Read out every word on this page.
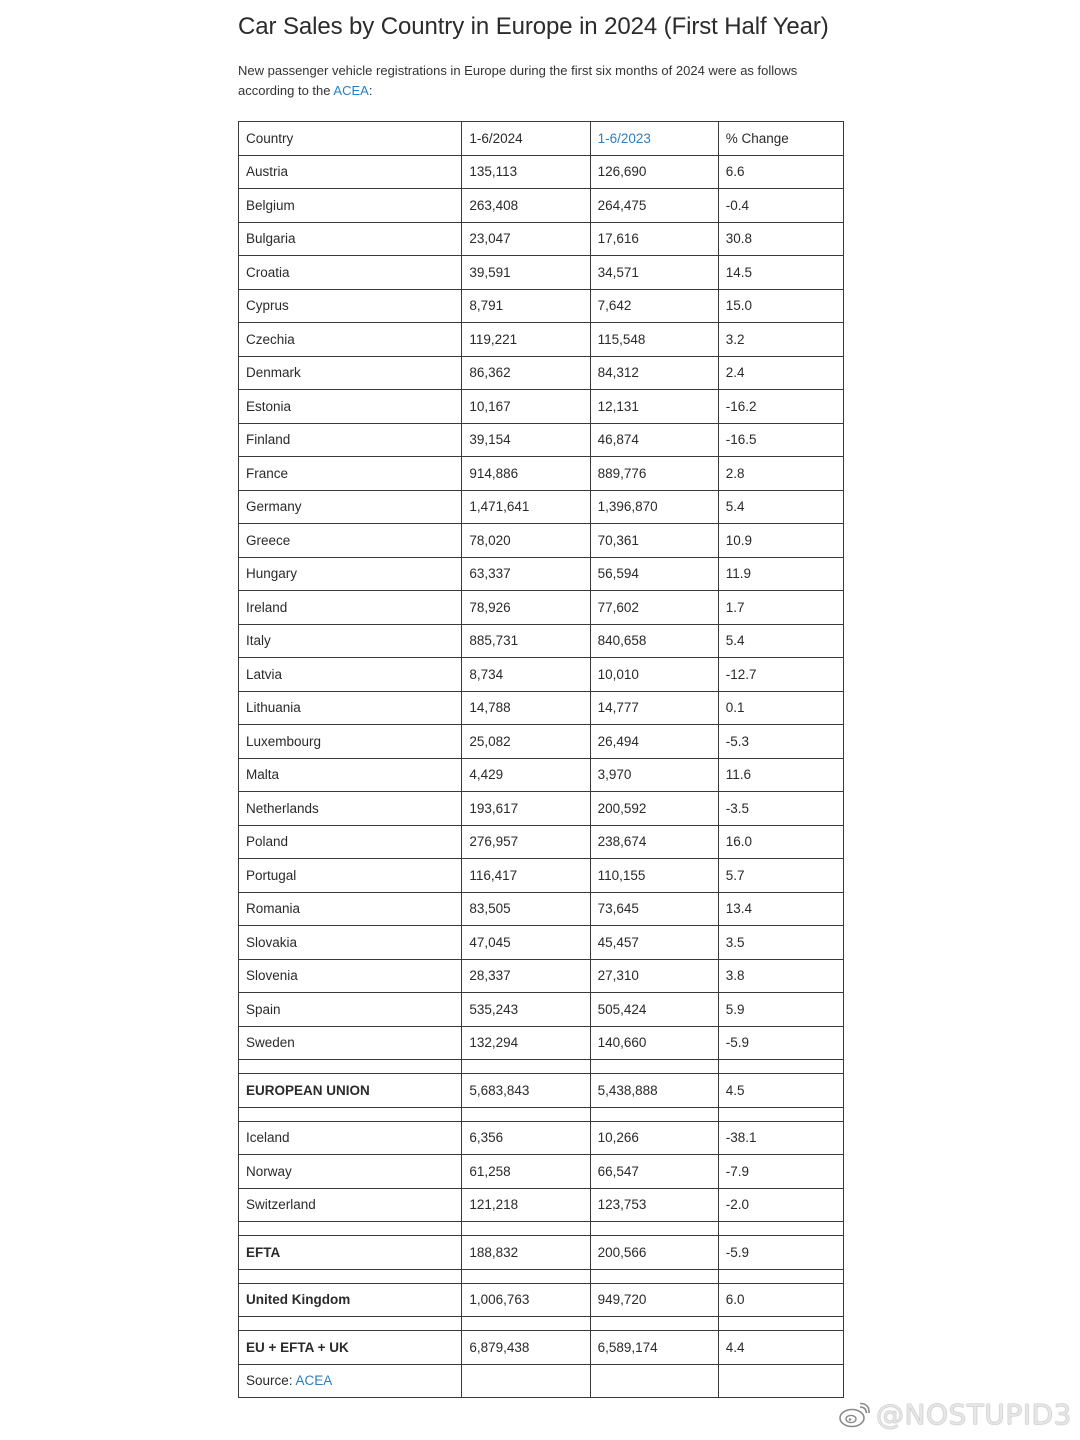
Car Sales by Country in Europe in 2024 (First Half Year)

New passenger vehicle registrations in Europe during the first six months of 2024 were as follows according to the ACEA:

Country	1-6/2024	1-6/2023	% Change
Austria	135,113	126,690	6.6
Belgium	263,408	264,475	-0.4
Bulgaria	23,047	17,616	30.8
Croatia	39,591	34,571	14.5
Cyprus	8,791	7,642	15.0
Czechia	119,221	115,548	3.2
Denmark	86,362	84,312	2.4
Estonia	10,167	12,131	-16.2
Finland	39,154	46,874	-16.5
France	914,886	889,776	2.8
Germany	1,471,641	1,396,870	5.4
Greece	78,020	70,361	10.9
Hungary	63,337	56,594	11.9
Ireland	78,926	77,602	1.7
Italy	885,731	840,658	5.4
Latvia	8,734	10,010	-12.7
Lithuania	14,788	14,777	0.1
Luxembourg	25,082	26,494	-5.3
Malta	4,429	3,970	11.6
Netherlands	193,617	200,592	-3.5
Poland	276,957	238,674	16.0
Portugal	116,417	110,155	5.7
Romania	83,505	73,645	13.4
Slovakia	47,045	45,457	3.5
Slovenia	28,337	27,310	3.8
Spain	535,243	505,424	5.9
Sweden	132,294	140,660	-5.9

EUROPEAN UNION	5,683,843	5,438,888	4.5

Iceland	6,356	10,266	-38.1
Norway	61,258	66,547	-7.9
Switzerland	121,218	123,753	-2.0

EFTA	188,832	200,566	-5.9

United Kingdom	1,006,763	949,720	6.0

EU + EFTA + UK	6,879,438	6,589,174	4.4
Source: ACEA			
@NOSTUPID3
